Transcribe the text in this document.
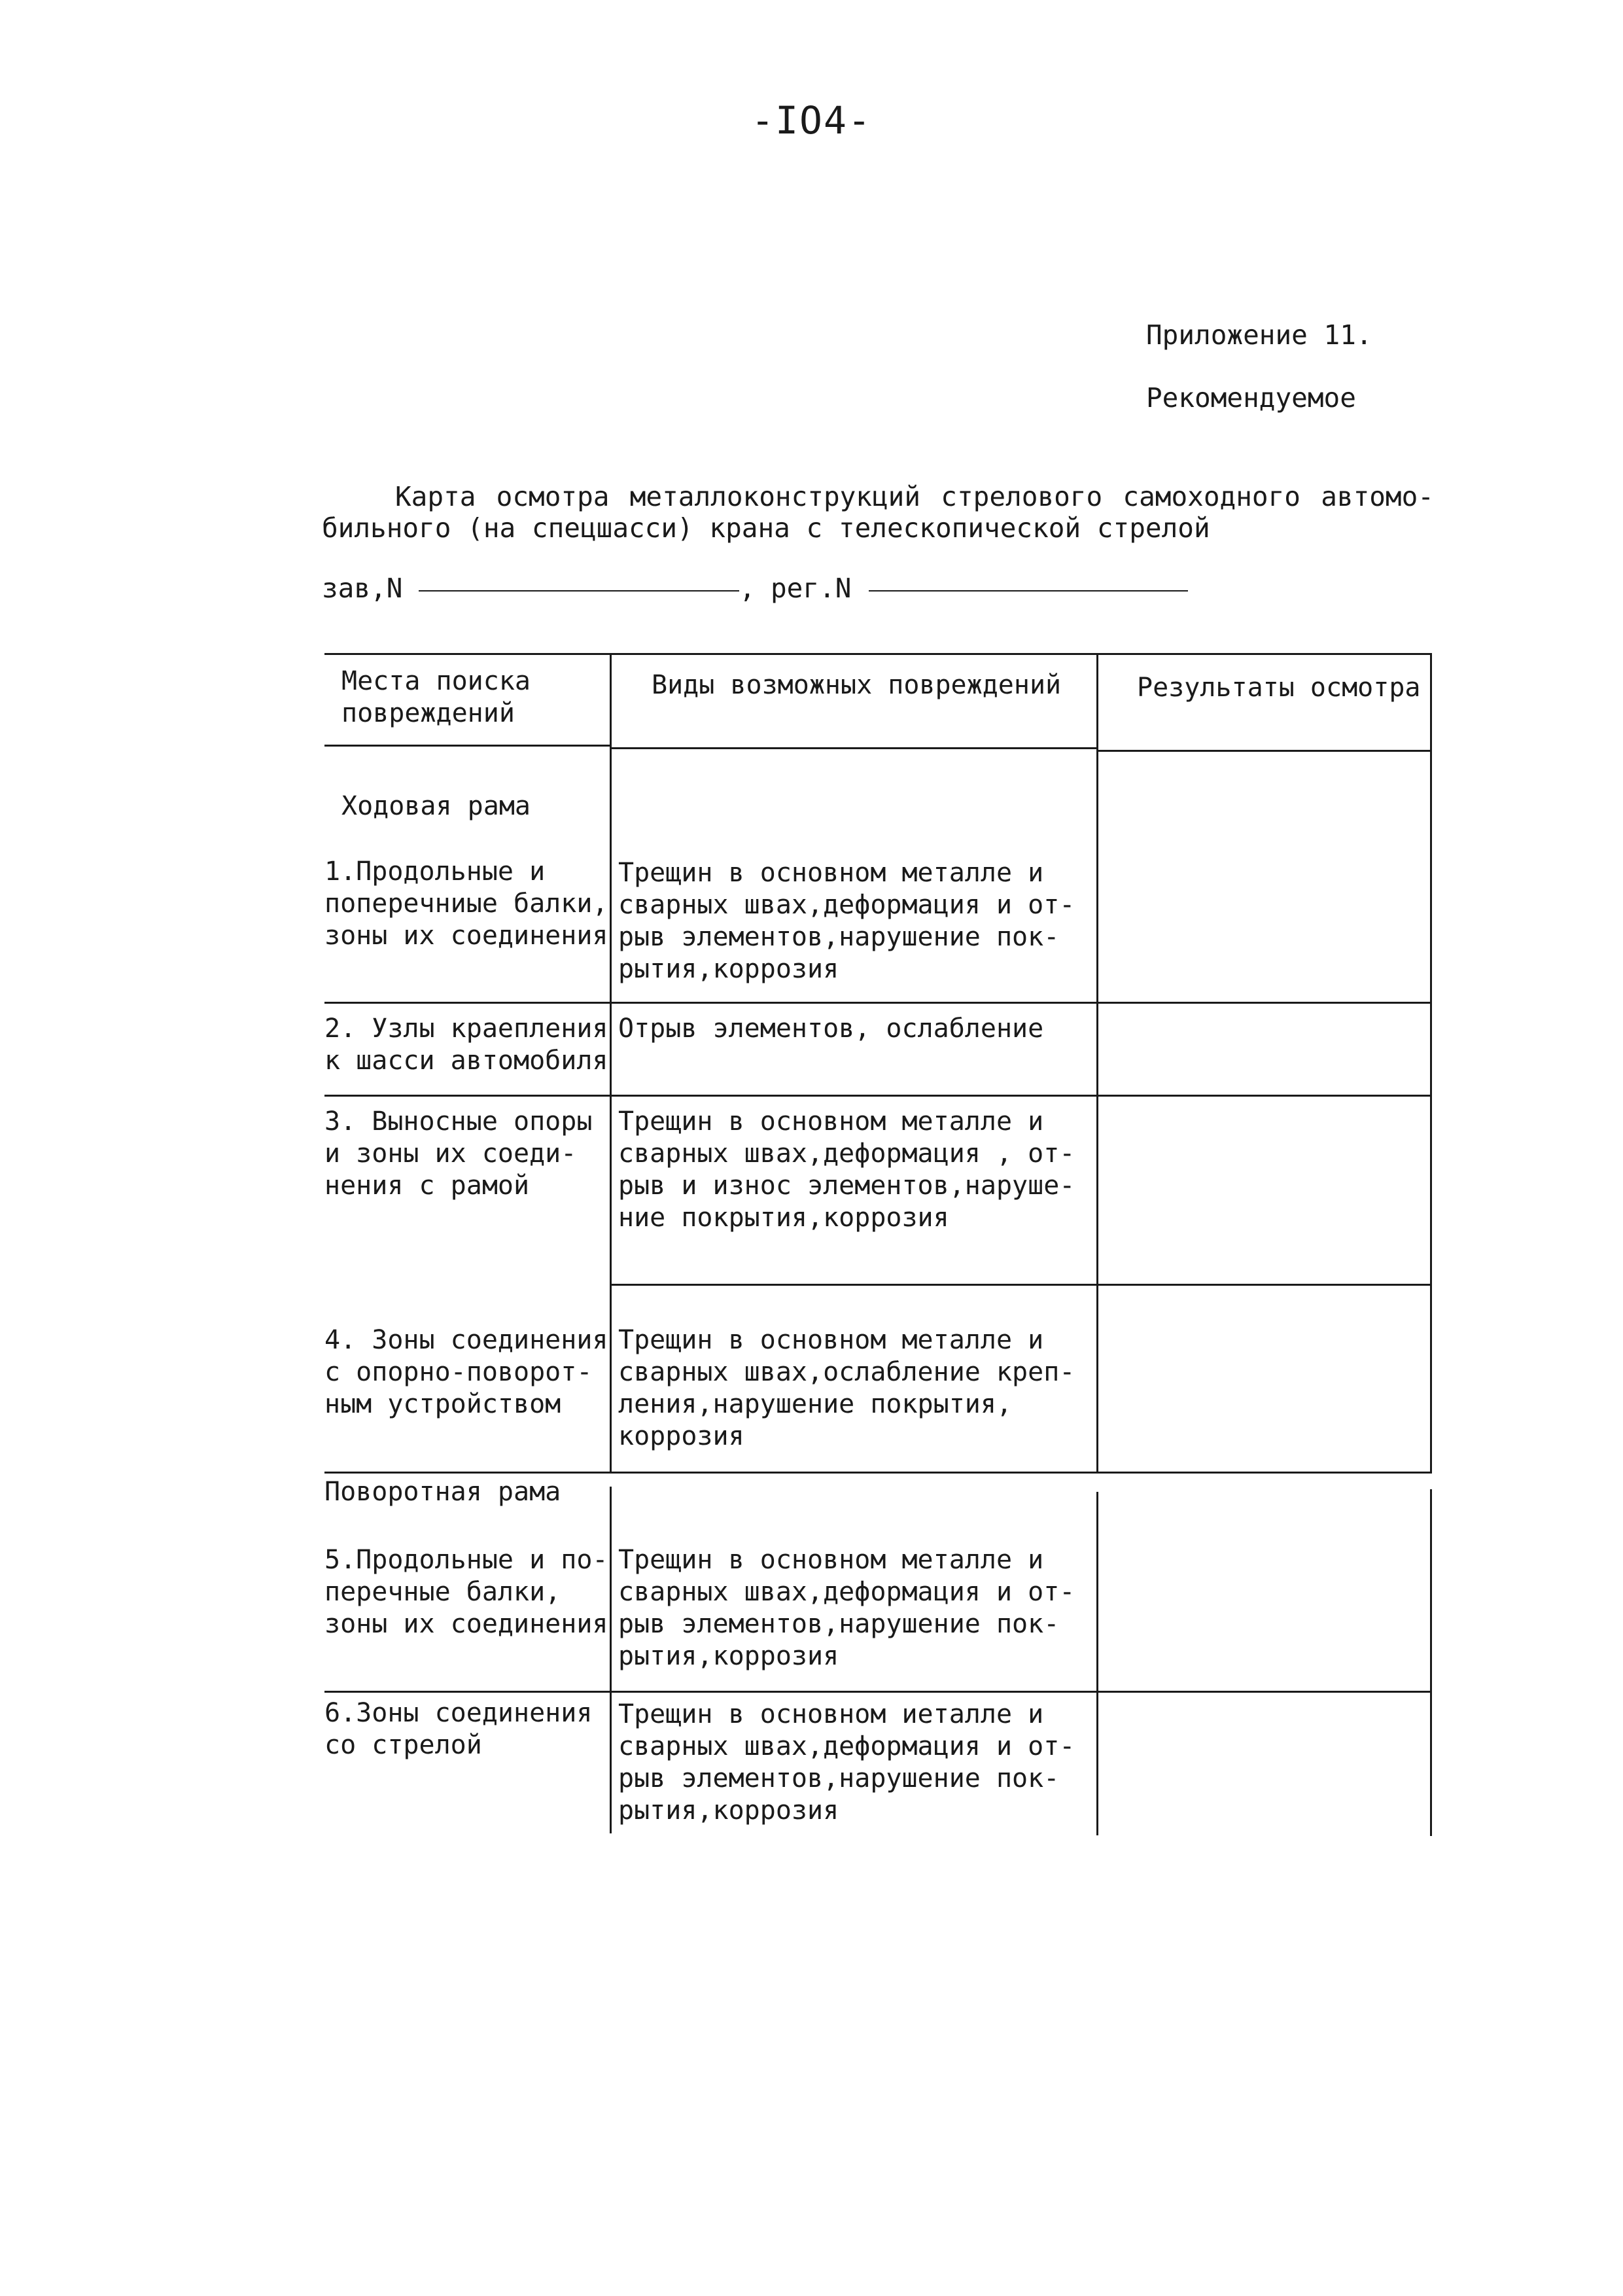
-IO4-
Приложение 11.
Рекомендуемое
Карта осмотра металлоконструкций стрелового самоходного автомо-
бильного (на спецшасси) крана с телескопической стрелой
зав,N	, рег.N
Места поиска
повреждений
Виды возможных повреждений	Результаты осмотра
Ходовая рама
1.Продольные и
поперечниые балки,
зоны их соединения
Трещин в основном металле и
сварных швах,деформация и от-
рыв элементов,нарушение пок-
рытия,коррозия
2. Узлы краепления
к шасси автомобиля
Отрыв элементов, ослабление
3. Выносные опоры
и зоны их соеди-
нения с рамой
Трещин в основном металле и
сварных швах,деформация , от-
рыв и износ элементов,наруше-
ние покрытия,коррозия
4. Зоны соединения
с опорно-поворот-
ным устройством
Трещин в основном металле и
сварных швах,ослабление креп-
ления,нарушение покрытия,
коррозия
Поворотная рама
5.Продольные и по-
перечные балки,
зоны их соединения
Трещин в основном металле и
сварных швах,деформация и от-
рыв элементов,нарушение пок-
рытия,коррозия
6.Зоны соединения
со стрелой
Трещин в основном иеталле и
сварных швах,деформация и от-
рыв элементов,нарушение пок-
рытия,коррозия
